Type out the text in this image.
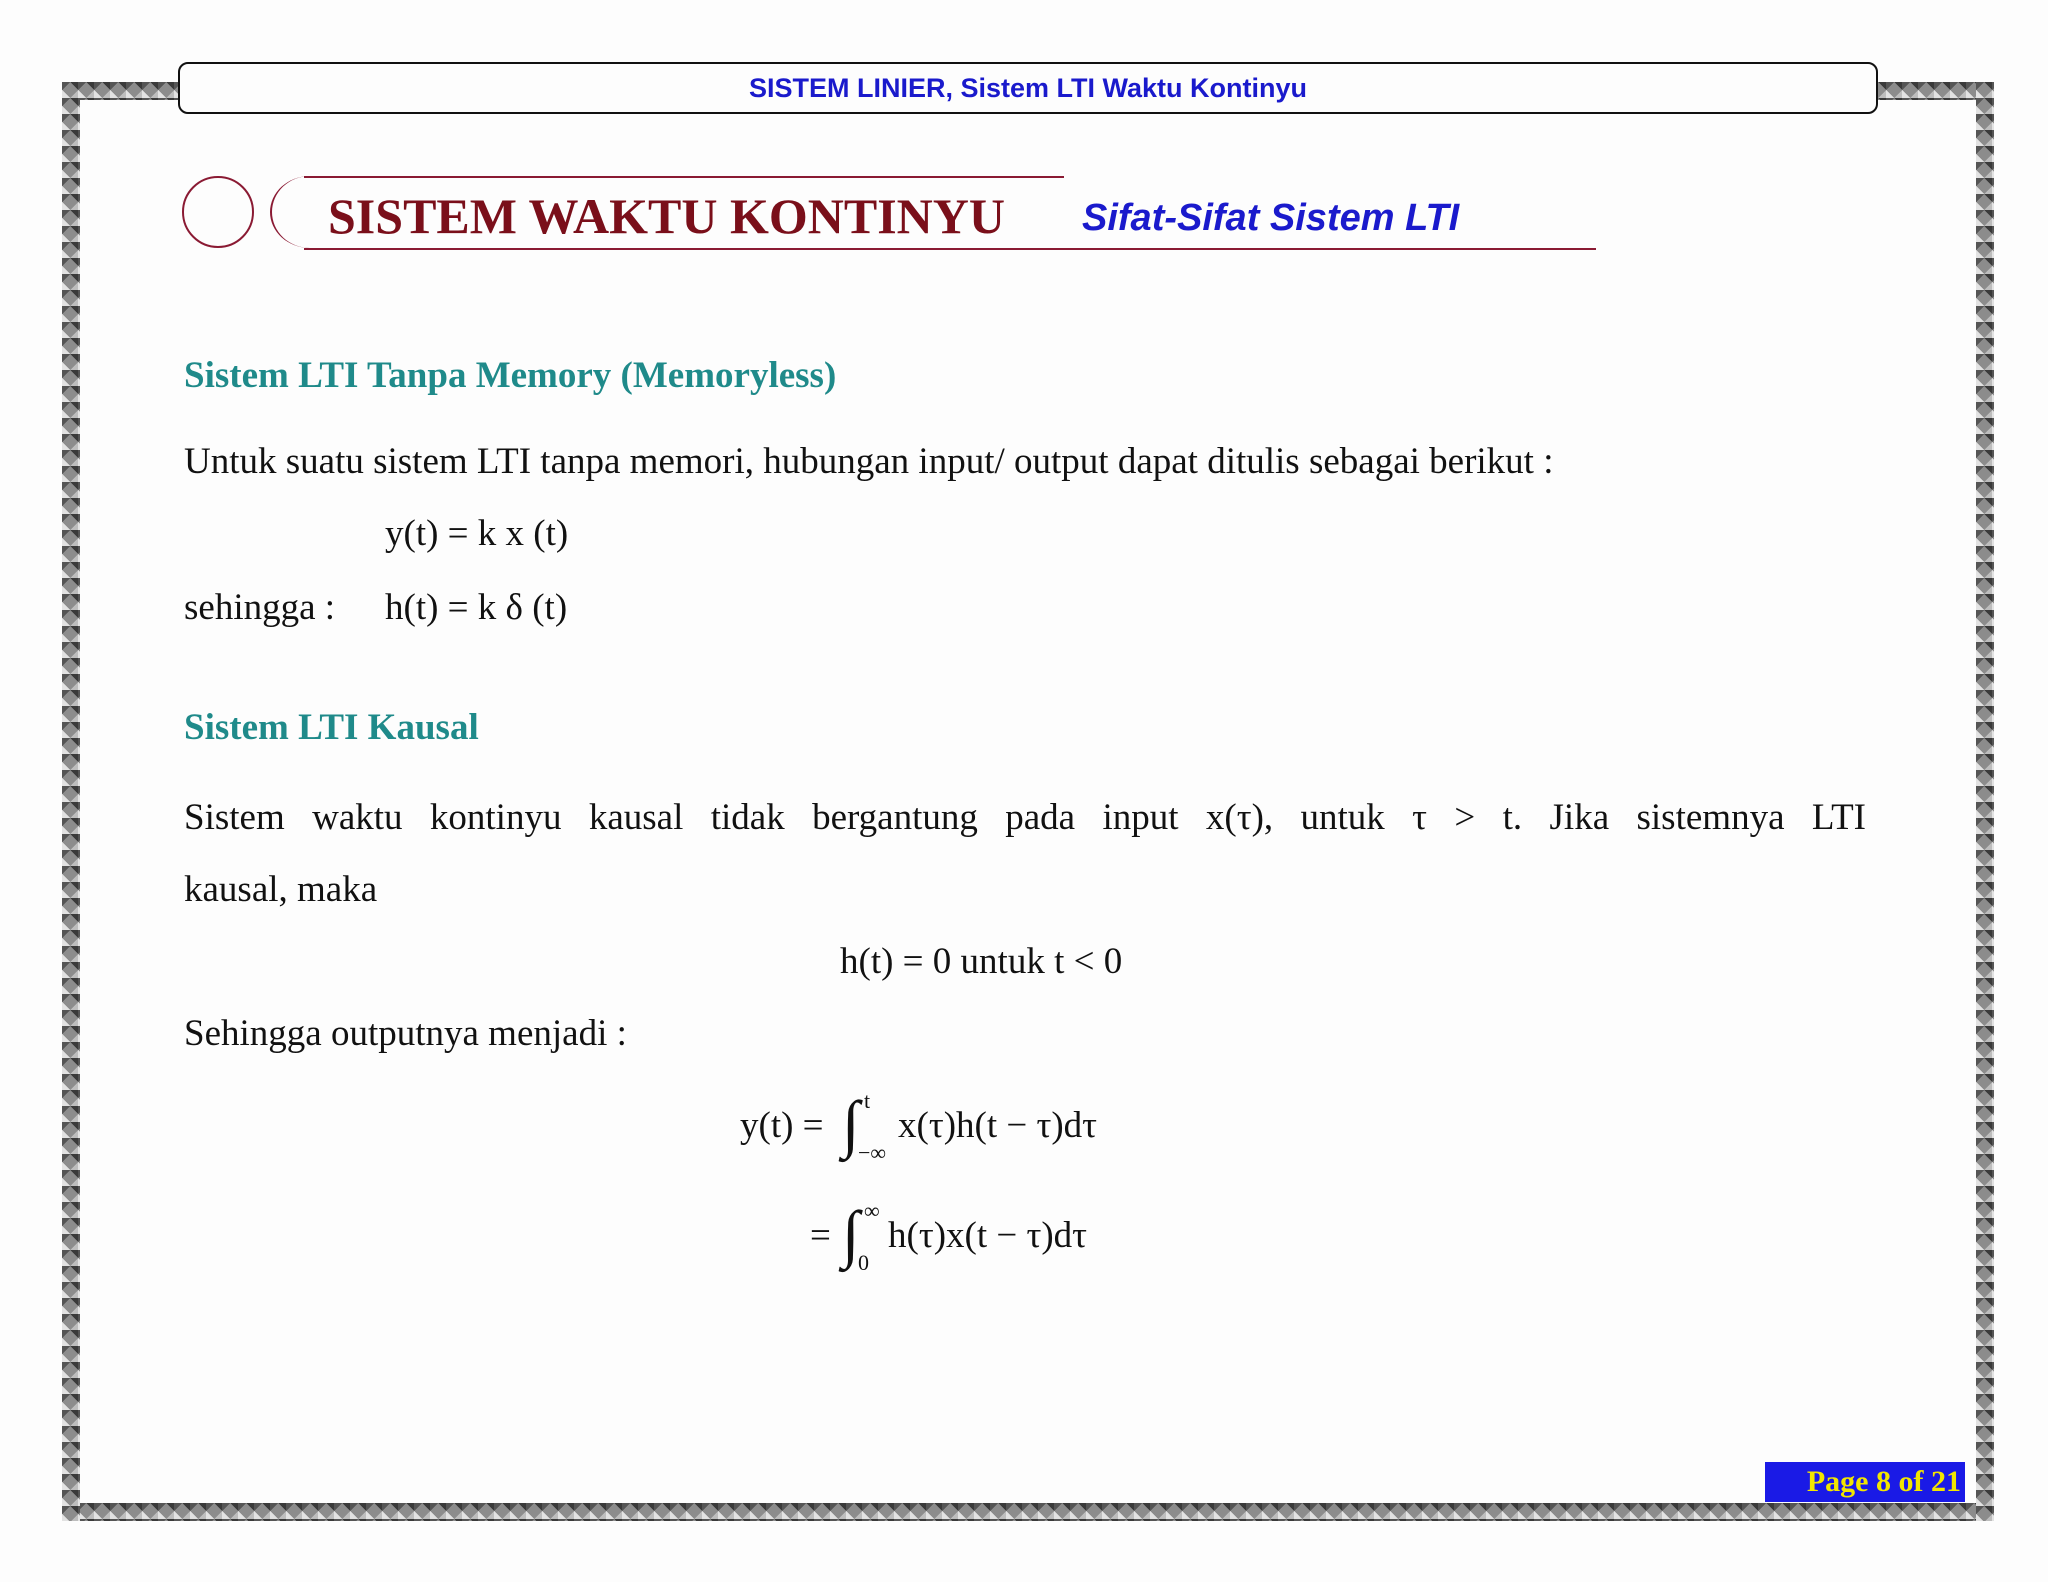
SISTEM LINIER, Sistem LTI Waktu Kontinyu
SISTEM WAKTU KONTINYU Sifat-Sifat Sistem LTI
Sistem LTI Tanpa Memory (Memoryless)
Untuk suatu sistem LTI tanpa memori, hubungan input/ output dapat ditulis sebagai berikut :
y(t) = k x (t)
sehingga : h(t) = k δ (t)
Sistem LTI Kausal
Sistem waktu kontinyu kausal tidak bergantung pada input x(τ), untuk τ > t. Jika sistemnya LTI
kausal, maka
h(t) = 0 untuk t < 0
Sehingga outputnya menjadi :
y(t) = ∫ t
−∞
x(τ)h(t − τ)dτ
= ∫ ∞
0
h(τ)x(t − τ)dτ
Page 8 of 21
